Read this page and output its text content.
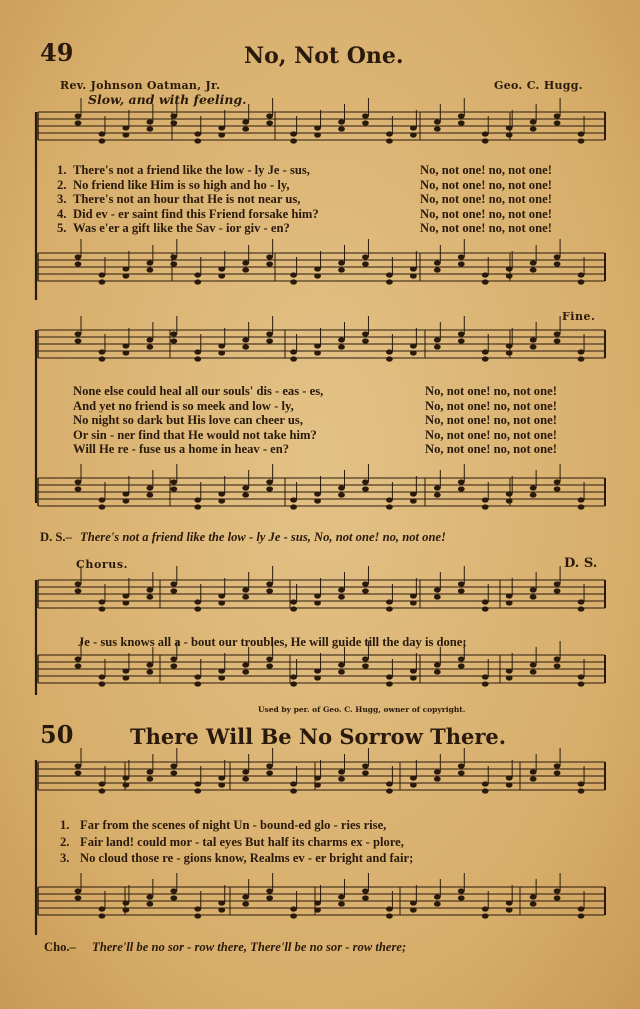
49	No, Not One.
Rev. Johnson Oatman, Jr.	Geo. C. Hugg.
Slow, and with feeling.
1. There's not a friend like the low - ly Je - sus,	No, not one! no, not one!
2. No friend like Him is so high and ho - ly,	No, not one! no, not one!
3. There's not an hour that He is not near us,	No, not one! no, not one!
4. Did ev - er saint find this Friend forsake him?	No, not one! no, not one!
5. Was e'er a gift like the Sav - ior giv - en?	No, not one! no, not one!
None else could heal all our souls' dis - eas - es,	No, not one! no, not one!
And yet no friend is so meek and low - ly,	No, not one! no, not one!
No night so dark but His love can cheer us,	No, not one! no, not one!
Or sin - ner find that He would not take him?	No, not one! no, not one!
Will He re - fuse us a home in heav - en?	No, not one! no, not one!
Fine.
D. S.– There's not a friend like the low - ly Je - sus, No, not one! no, not one!
Chorus.	D. S.
Je - sus knows all a - bout our troubles, He will guide till the day is done;
Used by per. of Geo. C. Hugg, owner of copyright.
50	There Will Be No Sorrow There.
1. Far from the scenes of night Un - bound-ed glo - ries rise,
2. Fair land! could mor - tal eyes But half its charms ex - plore,
3. No cloud those re - gions know, Realms ev - er bright and fair;
Cho.– There'll be no sor - row there, There'll be no sor - row there;
